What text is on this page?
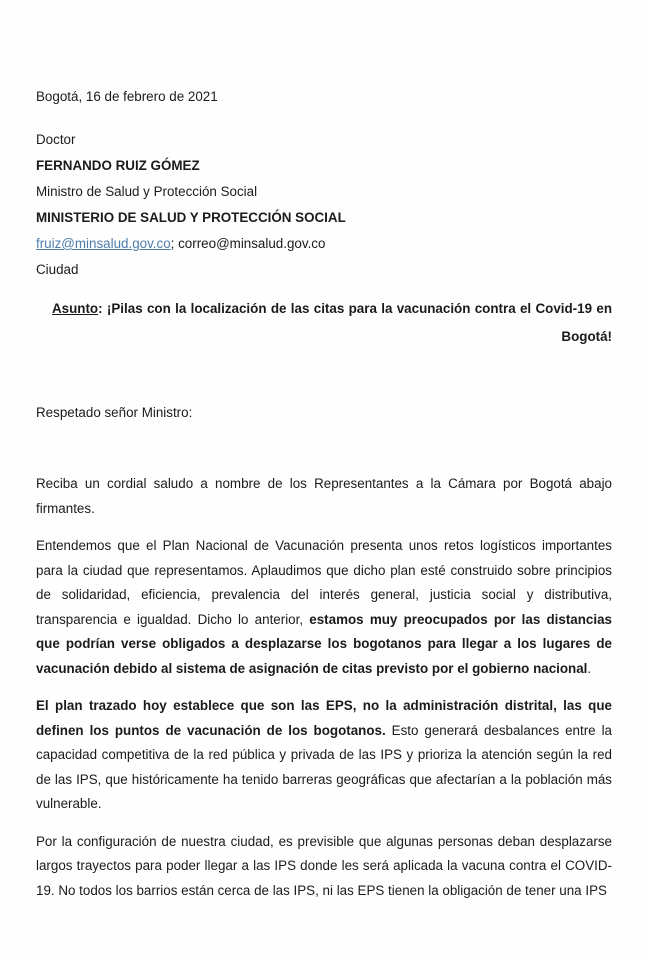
Bogotá, 16 de febrero de 2021
Doctor
FERNANDO RUIZ GÓMEZ
Ministro de Salud y Protección Social
MINISTERIO DE SALUD Y PROTECCIÓN SOCIAL
fruiz@minsalud.gov.co; correo@minsalud.gov.co
Ciudad
Asunto: ¡Pilas con la localización de las citas para la vacunación contra el Covid-19 en Bogotá!
Respetado señor Ministro:

Reciba un cordial saludo a nombre de los Representantes a la Cámara por Bogotá abajo firmantes.

Entendemos que el Plan Nacional de Vacunación presenta unos retos logísticos importantes para la ciudad que representamos. Aplaudimos que dicho plan esté construido sobre principios de solidaridad, eficiencia, prevalencia del interés general, justicia social y distributiva, transparencia e igualdad. Dicho lo anterior, estamos muy preocupados por las distancias que podrían verse obligados a desplazarse los bogotanos para llegar a los lugares de vacunación debido al sistema de asignación de citas previsto por el gobierno nacional.

El plan trazado hoy establece que son las EPS, no la administración distrital, las que definen los puntos de vacunación de los bogotanos. Esto generará desbalances entre la capacidad competitiva de la red pública y privada de las IPS y prioriza la atención según la red de las IPS, que históricamente ha tenido barreras geográficas que afectarían a la población más vulnerable.

Por la configuración de nuestra ciudad, es previsible que algunas personas deban desplazarse largos trayectos para poder llegar a las IPS donde les será aplicada la vacuna contra el COVID-19. No todos los barrios están cerca de las IPS, ni las EPS tienen la obligación de tener una IPS
